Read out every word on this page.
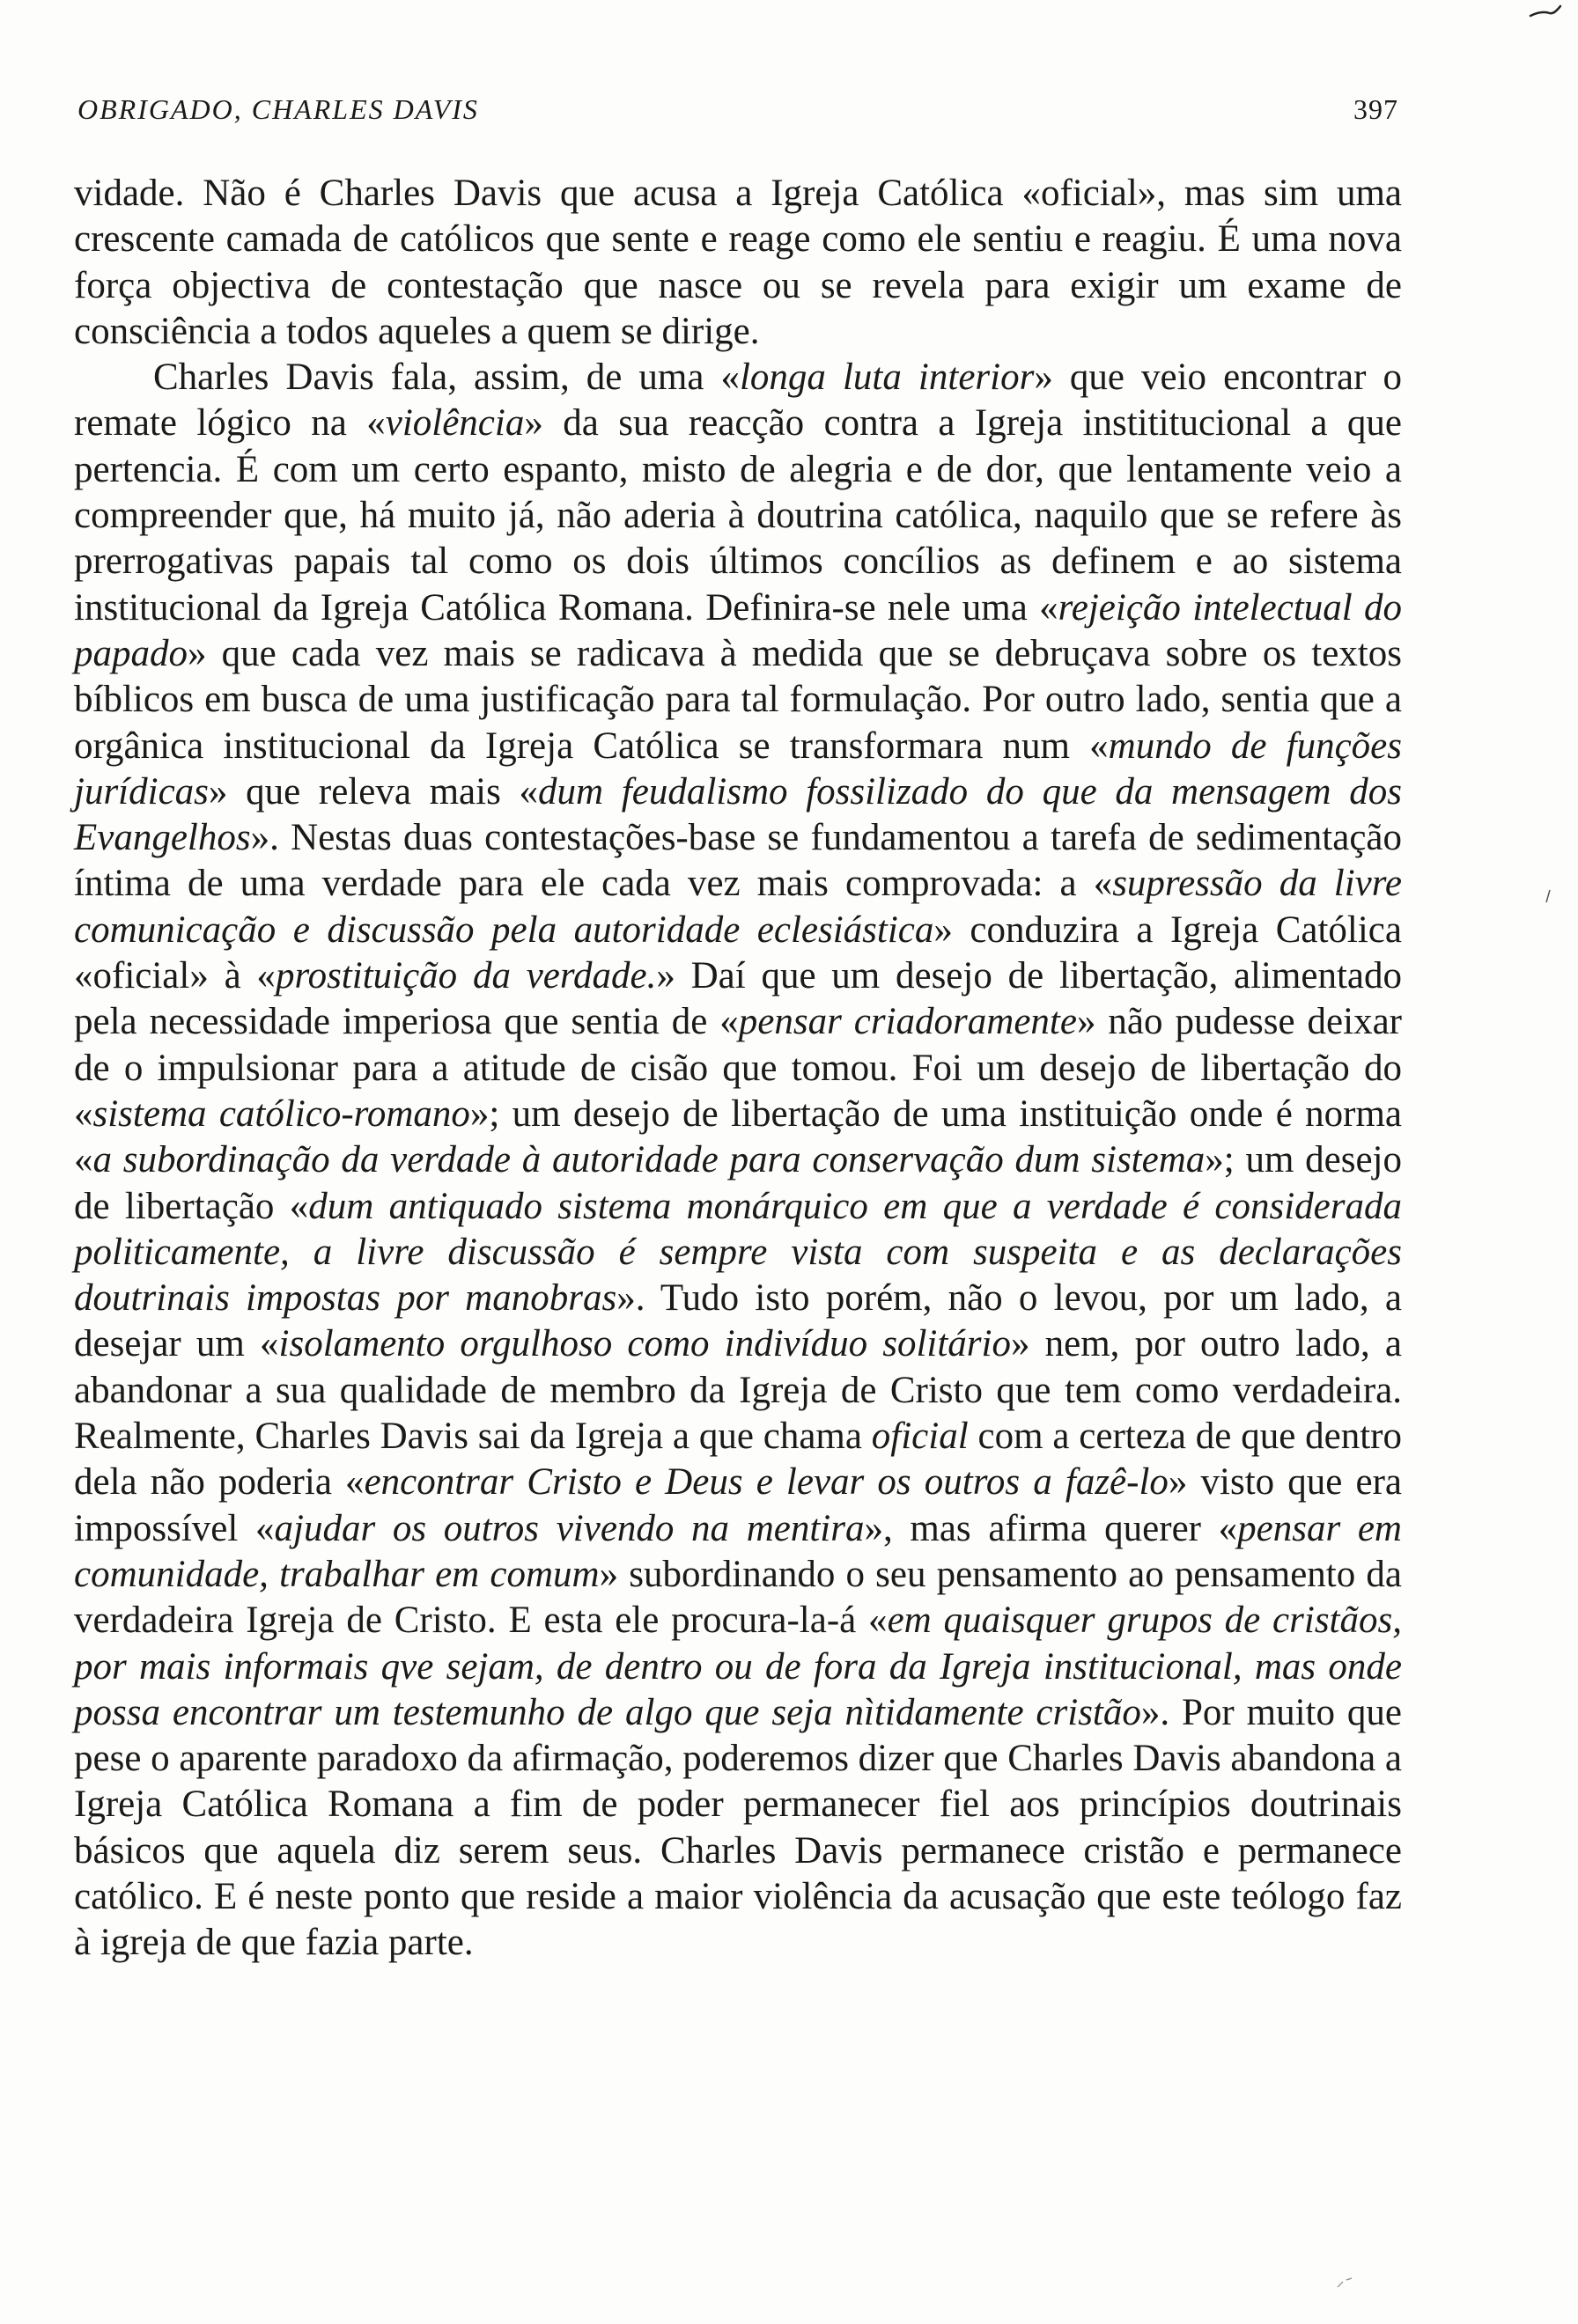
OBRIGADO, CHARLES DAVIS	397

vidade. Não é Charles Davis que acusa a Igreja Católica «oficial», mas sim uma crescente camada de católicos que sente e reage como ele sentiu e reagiu. É uma nova força objectiva de contestação que nasce ou se revela para exigir um exame de consciência a todos aqueles a quem se dirige.

Charles Davis fala, assim, de uma «longa luta interior» que veio encontrar o remate lógico na «violência» da sua reacção contra a Igreja instititucional a que pertencia. É com um certo espanto, misto de alegria e de dor, que lentamente veio a compreender que, há muito já, não aderia à doutrina católica, naquilo que se refere às prerrogativas papais tal como os dois últimos concílios as definem e ao sistema institucional da Igreja Católica Romana. Definira-se nele uma «rejeição intelectual do papado» que cada vez mais se radicava à medida que se debruçava sobre os textos bíblicos em busca de uma justificação para tal formulação. Por outro lado, sentia que a orgânica institucional da Igreja Católica se transformara num «mundo de funções jurídicas» que releva mais «dum feudalismo fossilizado do que da mensagem dos Evangelhos». Nestas duas contestações-base se fundamentou a tarefa de sedimentação íntima de uma verdade para ele cada vez mais comprovada: a «supressão da livre comunicação e discussão pela autoridade eclesiástica» conduzira a Igreja Católica «oficial» à «prostituição da verdade.» Daí que um desejo de libertação, alimentado pela necessidade imperiosa que sentia de «pensar criadoramente» não pudesse deixar de o impulsionar para a atitude de cisão que tomou. Foi um desejo de libertação do «sistema católico-romano»; um desejo de libertação de uma instituição onde é norma «a subordinação da verdade à autoridade para conservação dum sistema»; um desejo de libertação «dum antiquado sistema monárquico em que a verdade é considerada politicamente, a livre discussão é sempre vista com suspeita e as declarações doutrinais impostas por manobras». Tudo isto porém, não o levou, por um lado, a desejar um «isolamento orgulhoso como indivíduo solitário» nem, por outro lado, a abandonar a sua qualidade de membro da Igreja de Cristo que tem como verdadeira. Realmente, Charles Davis sai da Igreja a que chama oficial com a certeza de que dentro dela não poderia «encontrar Cristo e Deus e levar os outros a fazê-lo» visto que era impossível «ajudar os outros vivendo na mentira», mas afirma querer «pensar em comunidade, trabalhar em comum» subordinando o seu pensamento ao pensamento da verdadeira Igreja de Cristo. E esta ele procura-la-á «em quaisquer grupos de cristãos, por mais informais qve sejam, de dentro ou de fora da Igreja institucional, mas onde possa encontrar um testemunho de algo que seja nìtidamente cristão». Por muito que pese o aparente paradoxo da afirmação, poderemos dizer que Charles Davis abandona a Igreja Católica Romana a fim de poder permanecer fiel aos princípios doutrinais básicos que aquela diz serem seus. Charles Davis permanece cristão e permanece católico. E é neste ponto que reside a maior violência da acusação que este teólogo faz à igreja de que fazia parte.
